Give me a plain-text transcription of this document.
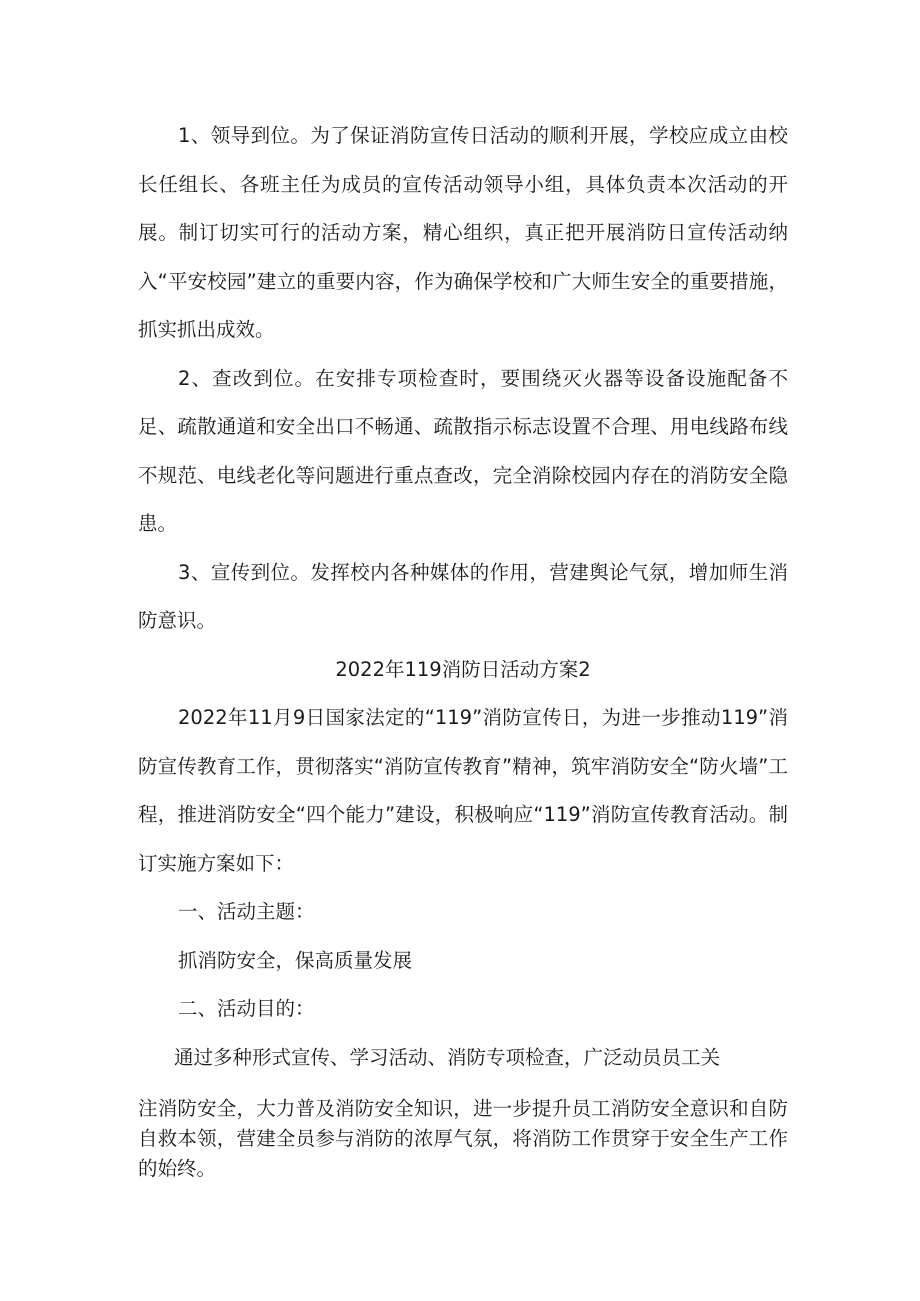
1、领导到位。为了保证消防宣传日活动的顺利开展，学校应成立由校长任组长、各班主任为成员的宣传活动领导小组，具体负责本次活动的开展。制订切实可行的活动方案，精心组织，真正把开展消防日宣传活动纳入“平安校园”建立的重要内容，作为确保学校和广大师生安全的重要措施，抓实抓出成效。

2、查改到位。在安排专项检查时，要围绕灭火器等设备设施配备不足、疏散通道和安全出口不畅通、疏散指示标志设置不合理、用电线路布线不规范、电线老化等问题进行重点查改，完全消除校园内存在的消防安全隐患。

3、宣传到位。发挥校内各种媒体的作用，营建舆论气氛，增加师生消防意识。

2022年119消防日活动方案2

2022年11月9日国家法定的“119”消防宣传日，为进一步推动119”消防宣传教育工作，贯彻落实“消防宣传教育”精神，筑牢消防安全“防火墙”工程，推进消防安全“四个能力”建设，积极响应“119”消防宣传教育活动。制订实施方案如下：

一、活动主题：

抓消防安全，保高质量发展

二、活动目的：

通过多种形式宣传、学习活动、消防专项检查，广泛动员员工关

注消防安全，大力普及消防安全知识，进一步提升员工消防安全意识和自防自救本领，营建全员参与消防的浓厚气氛，将消防工作贯穿于安全生产工作的始终。
